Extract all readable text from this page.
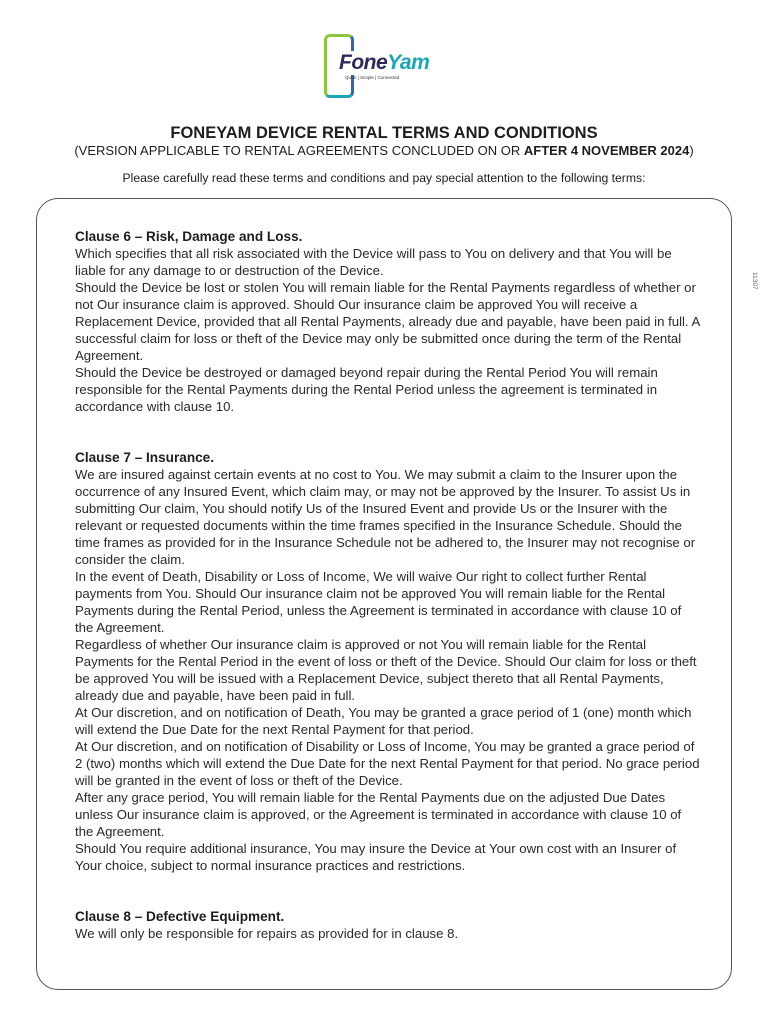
FoneYam
Quick | Simple | Connected
FONEYAM DEVICE RENTAL TERMS AND CONDITIONS
(VERSION APPLICABLE TO RENTAL AGREEMENTS CONCLUDED ON OR AFTER 4 NOVEMBER 2024)
Please carefully read these terms and conditions and pay special attention to the following terms:
11307
Clause 6 – Risk, Damage and Loss.

Which specifies that all risk associated with the Device will pass to You on delivery and that You will be liable for any damage to or destruction of the Device.

Should the Device be lost or stolen You will remain liable for the Rental Payments regardless of whether or not Our insurance claim is approved. Should Our insurance claim be approved You will receive a Replacement Device, provided that all Rental Payments, already due and payable, have been paid in full. A successful claim for loss or theft of the Device may only be submitted once during the term of the Rental Agreement.

Should the Device be destroyed or damaged beyond repair during the Rental Period You will remain responsible for the Rental Payments during the Rental Period unless the agreement is terminated in accordance with clause 10.

Clause 7 – Insurance.

We are insured against certain events at no cost to You. We may submit a claim to the Insurer upon the occurrence of any Insured Event, which claim may, or may not be approved by the Insurer. To assist Us in submitting Our claim, You should notify Us of the Insured Event and provide Us or the Insurer with the relevant or requested documents within the time frames specified in the Insurance Schedule. Should the time frames as provided for in the Insurance Schedule not be adhered to, the Insurer may not recognise or consider the claim.

In the event of Death, Disability or Loss of Income, We will waive Our right to collect further Rental payments from You. Should Our insurance claim not be approved You will remain liable for the Rental Payments during the Rental Period, unless the Agreement is terminated in accordance with clause 10 of the Agreement.

Regardless of whether Our insurance claim is approved or not You will remain liable for the Rental Payments for the Rental Period in the event of loss or theft of the Device. Should Our claim for loss or theft be approved You will be issued with a Replacement Device, subject thereto that all Rental Payments, already due and payable, have been paid in full.

At Our discretion, and on notification of Death, You may be granted a grace period of 1 (one) month which will extend the Due Date for the next Rental Payment for that period.

At Our discretion, and on notification of Disability or Loss of Income, You may be granted a grace period of 2 (two) months which will extend the Due Date for the next Rental Payment for that period. No grace period will be granted in the event of loss or theft of the Device.

After any grace period, You will remain liable for the Rental Payments due on the adjusted Due Dates unless Our insurance claim is approved, or the Agreement is terminated in accordance with clause 10 of the Agreement.

Should You require additional insurance, You may insure the Device at Your own cost with an Insurer of Your choice, subject to normal insurance practices and restrictions.

Clause 8 – Defective Equipment.

We will only be responsible for repairs as provided for in clause 8.
